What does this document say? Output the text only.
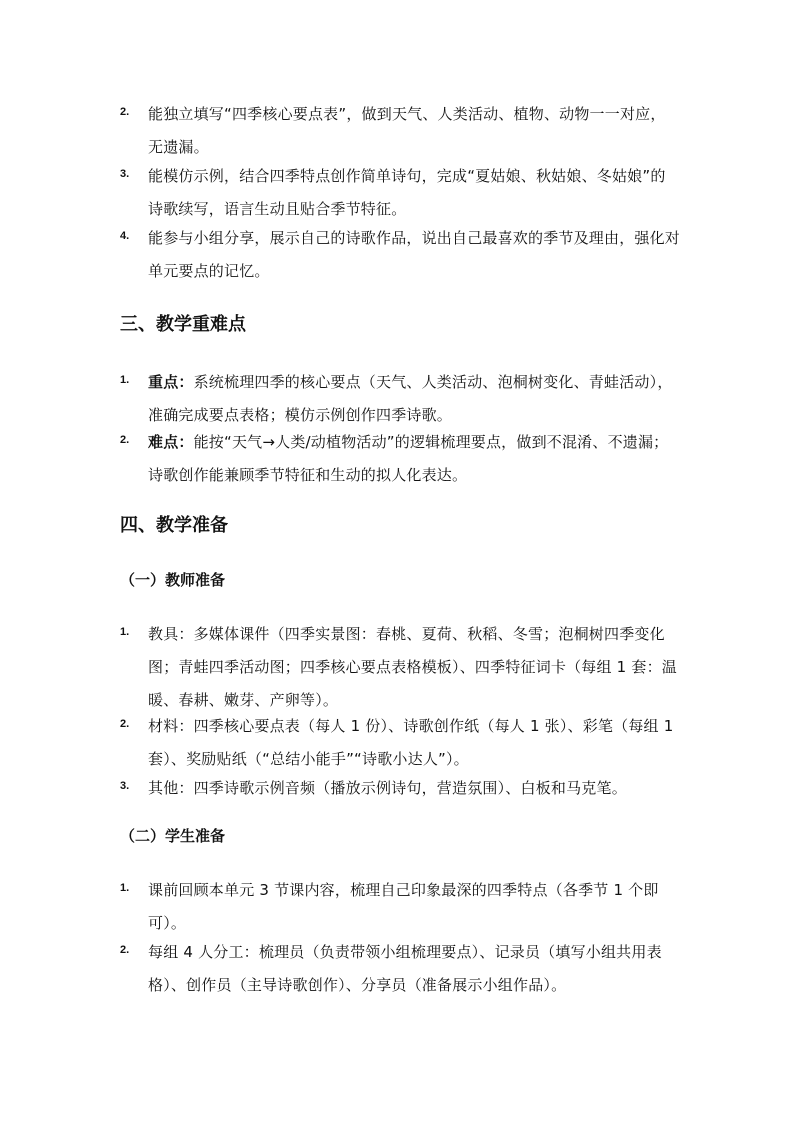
2. 能独立填写“四季核心要点表”，做到天气、人类活动、植物、动物一一对应，无遗漏。
3. 能模仿示例，结合四季特点创作简单诗句，完成“夏姑娘、秋姑娘、冬姑娘”的诗歌续写，语言生动且贴合季节特征。
4. 能参与小组分享，展示自己的诗歌作品，说出自己最喜欢的季节及理由，强化对单元要点的记忆。
三、教学重难点
1. 重点：系统梳理四季的核心要点（天气、人类活动、泡桐树变化、青蛙活动），准确完成要点表格；模仿示例创作四季诗歌。
2. 难点：能按“天气→人类/动植物活动”的逻辑梳理要点，做到不混淆、不遗漏；诗歌创作能兼顾季节特征和生动的拟人化表达。
四、教学准备
（一）教师准备
1. 教具：多媒体课件（四季实景图：春桃、夏荷、秋稻、冬雪；泡桐树四季变化图；青蛙四季活动图；四季核心要点表格模板）、四季特征词卡（每组 1 套：温暖、春耕、嫩芽、产卵等）。
2. 材料：四季核心要点表（每人 1 份）、诗歌创作纸（每人 1 张）、彩笔（每组 1 套）、奖励贴纸（“总结小能手”“诗歌小达人”）。
3. 其他：四季诗歌示例音频（播放示例诗句，营造氛围）、白板和马克笔。
（二）学生准备
1. 课前回顾本单元 3 节课内容，梳理自己印象最深的四季特点（各季节 1 个即可）。
2. 每组 4 人分工：梳理员（负责带领小组梳理要点）、记录员（填写小组共用表格）、创作员（主导诗歌创作）、分享员（准备展示小组作品）。
